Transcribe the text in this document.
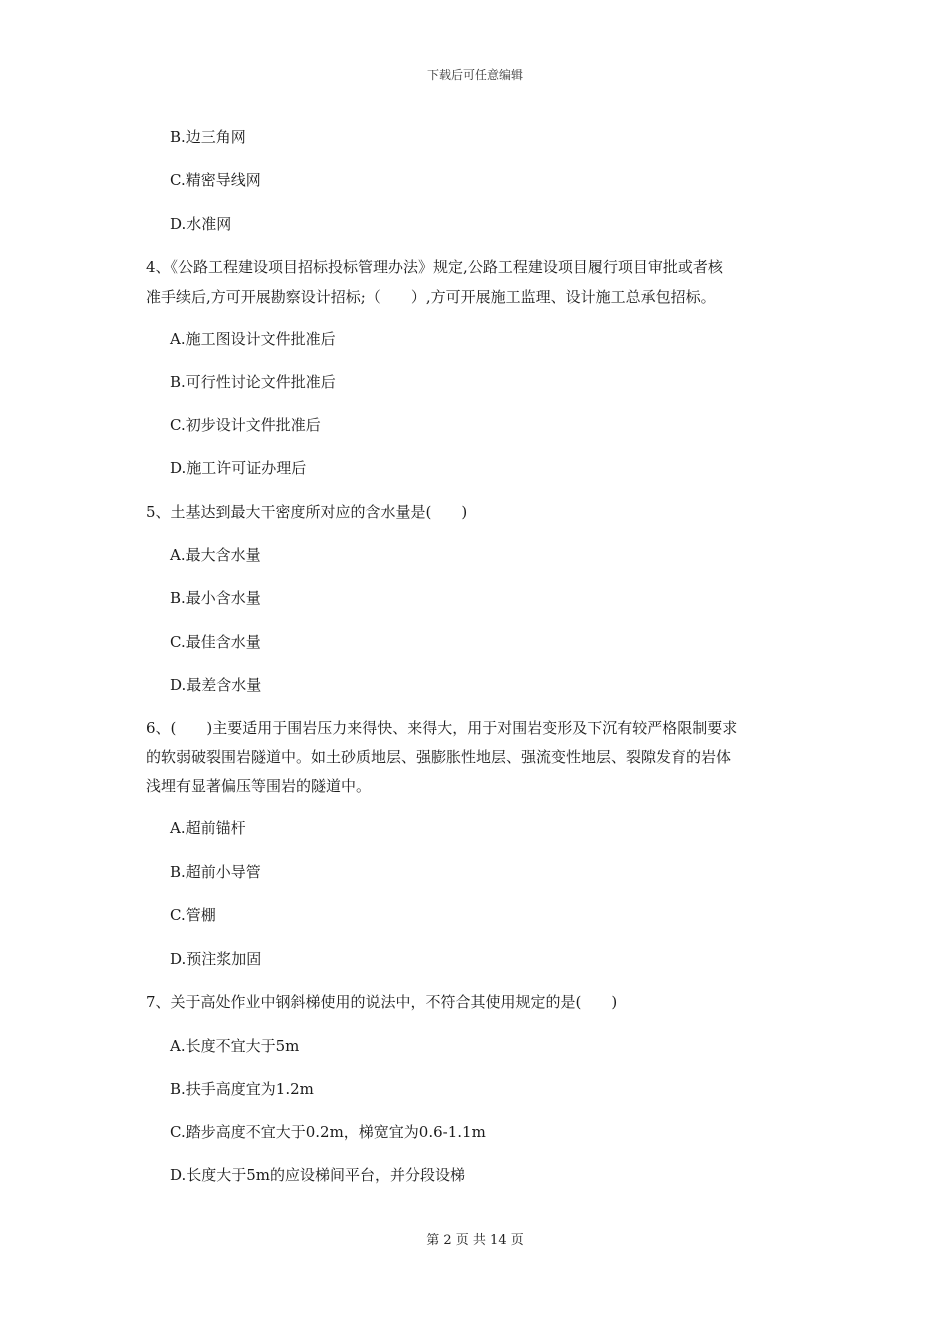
下载后可任意编辑
B.边三角网
C.精密导线网
D.水准网
4、《公路工程建设项目招标投标管理办法》规定,公路工程建设项目履行项目审批或者核
准手续后,方可开展勘察设计招标;（　　）,方可开展施工监理、设计施工总承包招标。
A.施工图设计文件批准后
B.可行性讨论文件批准后
C.初步设计文件批准后
D.施工许可证办理后
5、土基达到最大干密度所对应的含水量是(　　)
A.最大含水量
B.最小含水量
C.最佳含水量
D.最差含水量
6、(　　)主要适用于围岩压力来得快、来得大，用于对围岩变形及下沉有较严格限制要求
的软弱破裂围岩隧道中。如土砂质地层、强膨胀性地层、强流变性地层、裂隙发育的岩体
浅埋有显著偏压等围岩的隧道中。
A.超前锚杆
B.超前小导管
C.管棚
D.预注浆加固
7、关于高处作业中钢斜梯使用的说法中，不符合其使用规定的是(　　)
A.长度不宜大于5m
B.扶手高度宜为1.2m
C.踏步高度不宜大于0.2m，梯宽宜为0.6-1.1m
D.长度大于5m的应设梯间平台，并分段设梯
第 2 页 共 14 页
